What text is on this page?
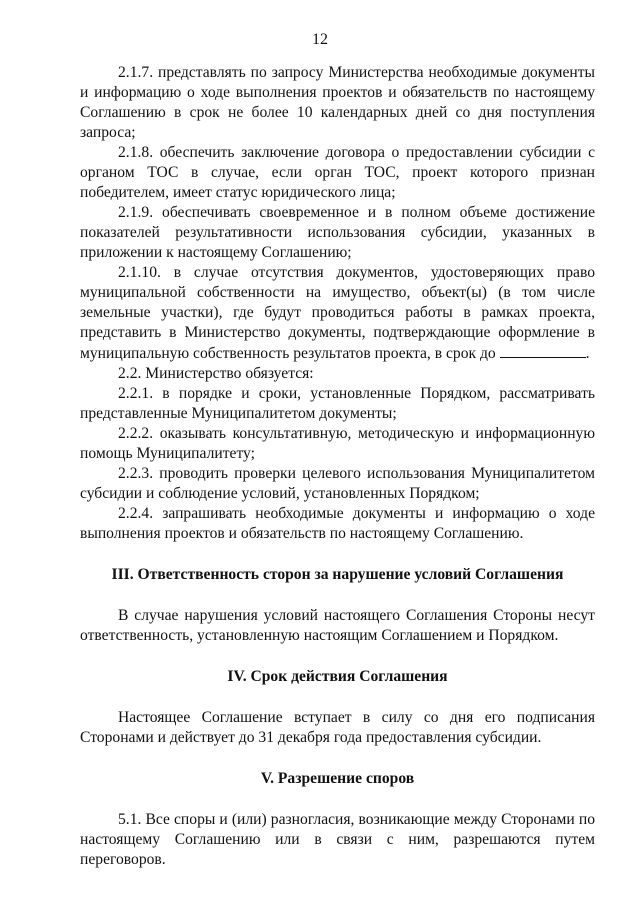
12

2.1.7. представлять по запросу Министерства необходимые документы и информацию о ходе выполнения проектов и обязательств по настоящему Соглашению в срок не более 10 календарных дней со дня поступления запроса;

2.1.8. обеспечить заключение договора о предоставлении субсидии с органом ТОС в случае, если орган ТОС, проект которого признан победителем, имеет статус юридического лица;

2.1.9. обеспечивать своевременное и в полном объеме достижение показателей результативности использования субсидии, указанных в приложении к настоящему Соглашению;

2.1.10. в случае отсутствия документов, удостоверяющих право муниципальной собственности на имущество, объект(ы) (в том числе земельные участки), где будут проводиться работы в рамках проекта, представить в Министерство документы, подтверждающие оформление в муниципальную собственность результатов проекта, в срок до	.

2.2. Министерство обязуется:

2.2.1. в порядке и сроки, установленные Порядком, рассматривать представленные Муниципалитетом документы;

2.2.2. оказывать консультативную, методическую и информационную помощь Муниципалитету;

2.2.3. проводить проверки целевого использования Муниципалитетом субсидии и соблюдение условий, установленных Порядком;

2.2.4. запрашивать необходимые документы и информацию о ходе выполнения проектов и обязательств по настоящему Соглашению.

III. Ответственность сторон за нарушение условий Соглашения

В случае нарушения условий настоящего Соглашения Стороны несут ответственность, установленную настоящим Соглашением и Порядком.

IV. Срок действия Соглашения

Настоящее Соглашение вступает в силу со дня его подписания Сторонами и действует до 31 декабря года предоставления субсидии.

V. Разрешение споров

5.1. Все споры и (или) разногласия, возникающие между Сторонами по настоящему Соглашению или в связи с ним, разрешаются путем переговоров.
